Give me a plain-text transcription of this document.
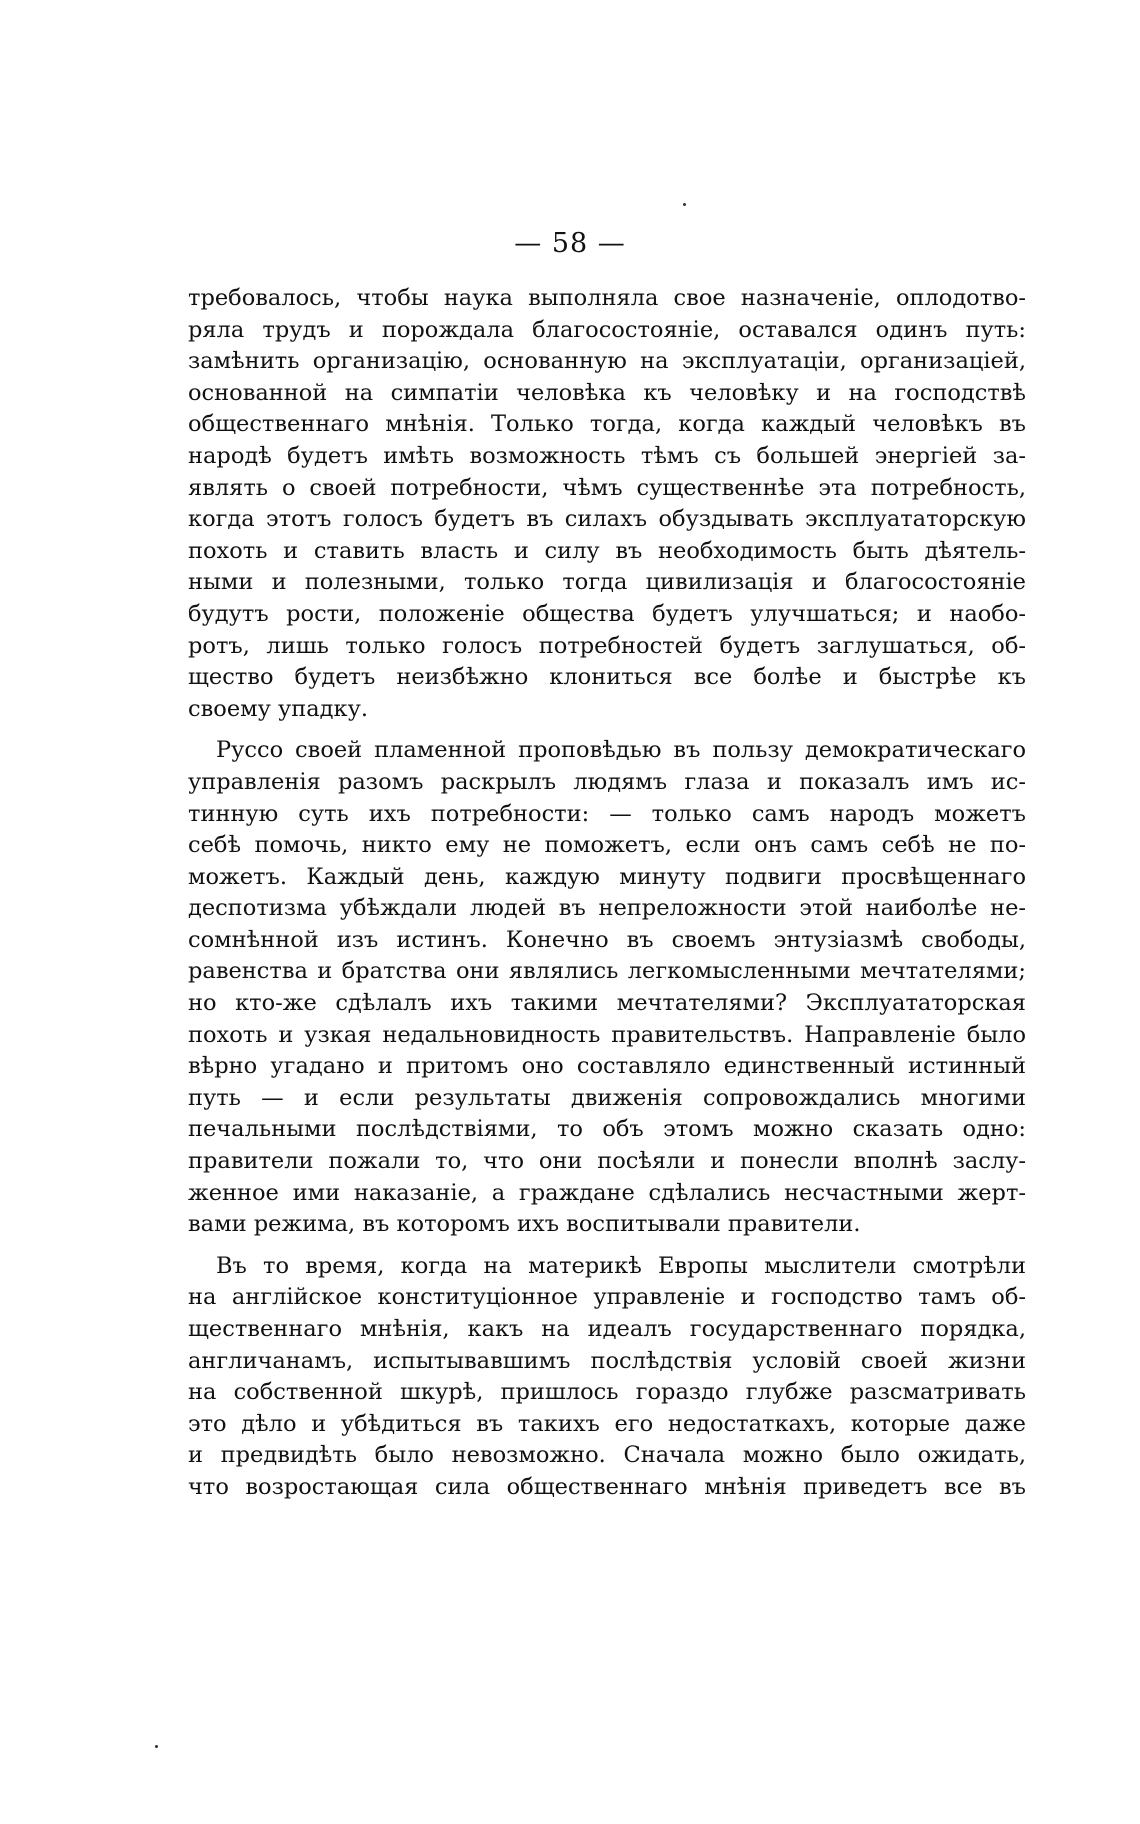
— 58 —
требовалось, чтобы наука выполняла свое назначеніе, оплодотво-
ряла трудъ и порождала благосостояніе, оставался одинъ путь:
замѣнить организацію, основанную на эксплуатаціи, организаціей,
основанной на симпатіи человѣка къ человѣку и на господствѣ
общественнаго мнѣнія. Только тогда, когда каждый человѣкъ въ
народѣ будетъ имѣть возможность тѣмъ съ большей энергіей за-
являть о своей потребности, чѣмъ существеннѣе эта потребность,
когда этотъ голосъ будетъ въ силахъ обуздывать эксплуататорскую
похоть и ставить власть и силу въ необходимость быть дѣятель-
ными и полезными, только тогда цивилизація и благосостояніе
будутъ рости, положеніе общества будетъ улучшаться; и наобо-
ротъ, лишь только голосъ потребностей будетъ заглушаться, об-
щество будетъ неизбѣжно клониться все болѣе и быстрѣе къ
своему упадку.
Руссо своей пламенной проповѣдью въ пользу демократическаго
управленія разомъ раскрылъ людямъ глаза и показалъ имъ ис-
тинную суть ихъ потребности: — только самъ народъ можетъ
себѣ помочь, никто ему не поможетъ, если онъ самъ себѣ не по-
можетъ. Каждый день, каждую минуту подвиги просвѣщеннаго
деспотизма убѣждали людей въ непреложности этой наиболѣе не-
сомнѣнной изъ истинъ. Конечно въ своемъ энтузіазмѣ свободы,
равенства и братства они являлись легкомысленными мечтателями;
но кто-же сдѣлалъ ихъ такими мечтателями? Эксплуататорская
похоть и узкая недальновидность правительствъ. Направленіе было
вѣрно угадано и притомъ оно составляло единственный истинный
путь — и если результаты движенія сопровождались многими
печальными послѣдствіями, то объ этомъ можно сказать одно:
правители пожали то, что они посѣяли и понесли вполнѣ заслу-
женное ими наказаніе, а граждане сдѣлались несчастными жерт-
вами режима, въ которомъ ихъ воспитывали правители.
Въ то время, когда на материкѣ Европы мыслители смотрѣли
на англійское конституціонное управленіе и господство тамъ об-
щественнаго мнѣнія, какъ на идеалъ государственнаго порядка,
англичанамъ, испытывавшимъ послѣдствія условій своей жизни
на собственной шкурѣ, пришлось гораздо глубже разсматривать
это дѣло и убѣдиться въ такихъ его недостаткахъ, которые даже
и предвидѣть было невозможно. Сначала можно было ожидать,
что возростающая сила общественнаго мнѣнія приведетъ все въ
